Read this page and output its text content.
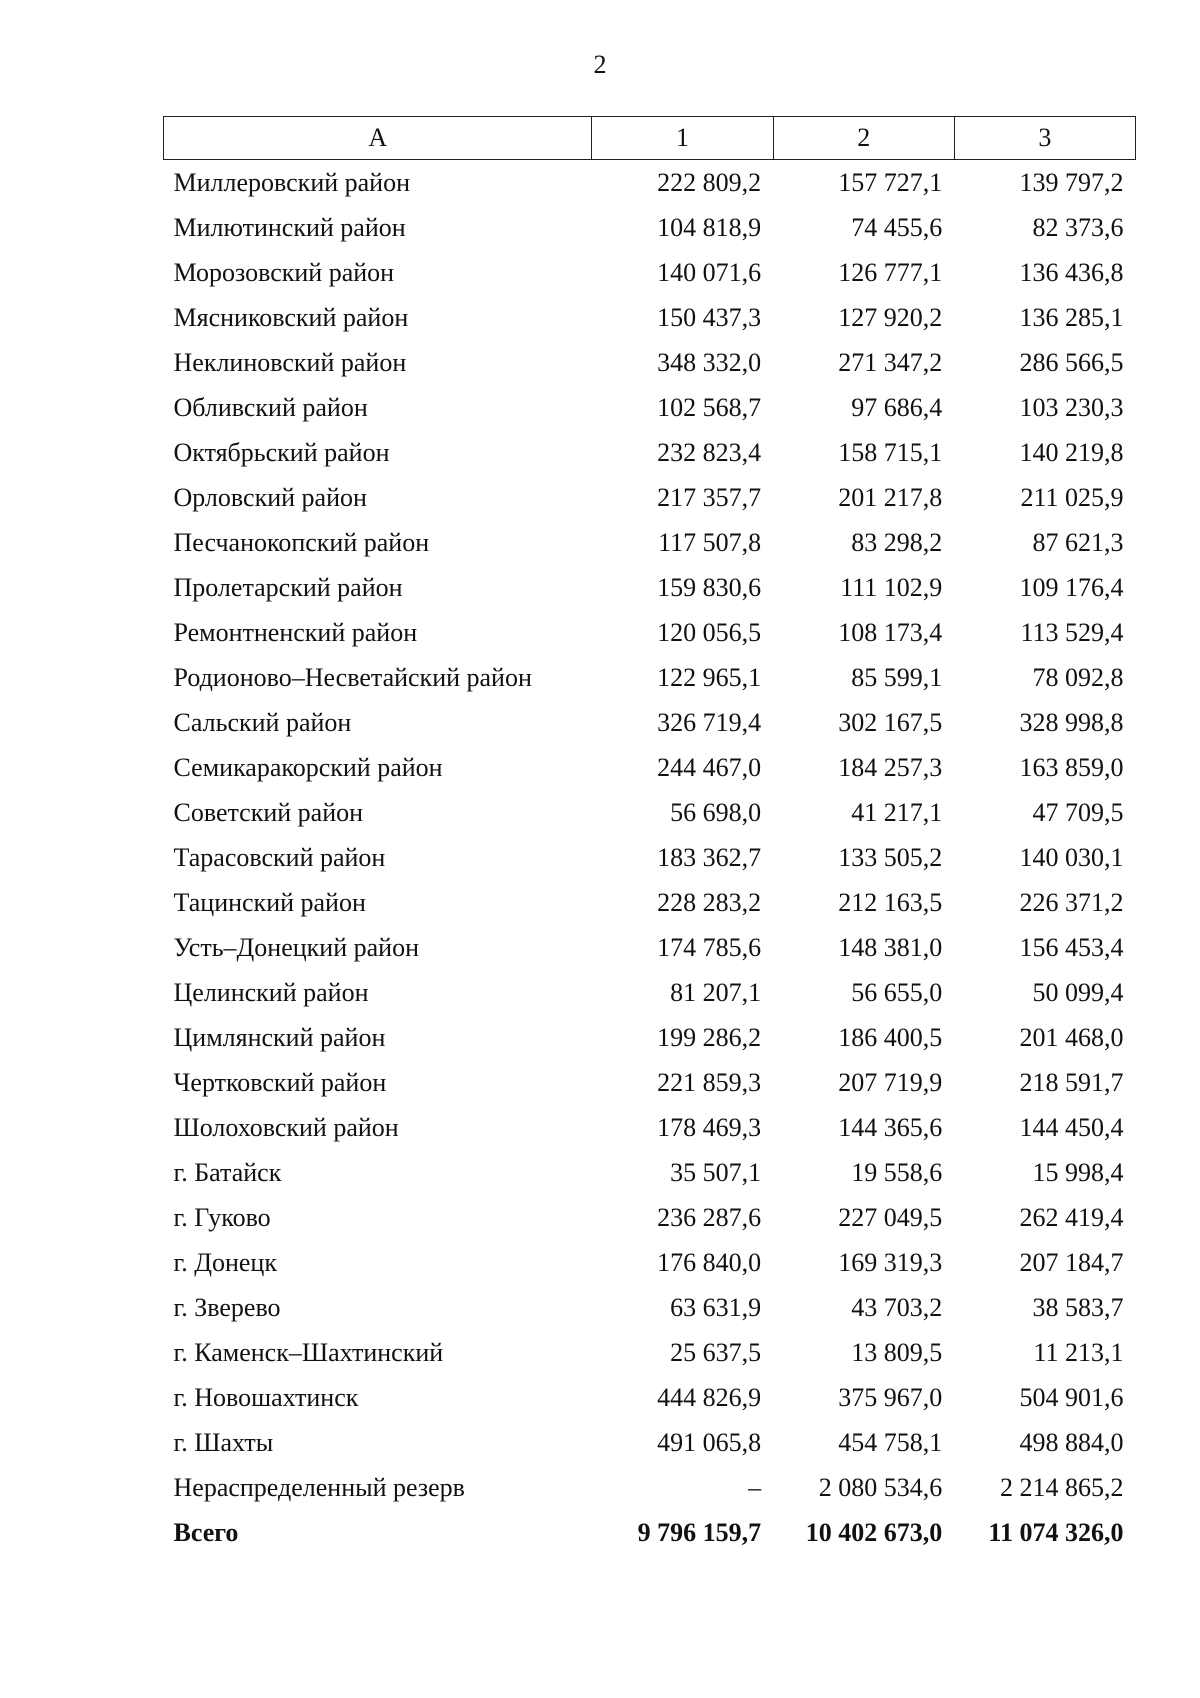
2
А	1	2	3
Миллеровский район	222 809,2	157 727,1	139 797,2
Милютинский район	104 818,9	74 455,6	82 373,6
Морозовский район	140 071,6	126 777,1	136 436,8
Мясниковский район	150 437,3	127 920,2	136 285,1
Неклиновский район	348 332,0	271 347,2	286 566,5
Обливский район	102 568,7	97 686,4	103 230,3
Октябрьский район	232 823,4	158 715,1	140 219,8
Орловский район	217 357,7	201 217,8	211 025,9
Песчанокопский район	117 507,8	83 298,2	87 621,3
Пролетарский район	159 830,6	111 102,9	109 176,4
Ремонтненский район	120 056,5	108 173,4	113 529,4
Родионово–Несветайский район	122 965,1	85 599,1	78 092,8
Сальский район	326 719,4	302 167,5	328 998,8
Семикаракорский район	244 467,0	184 257,3	163 859,0
Советский район	56 698,0	41 217,1	47 709,5
Тарасовский район	183 362,7	133 505,2	140 030,1
Тацинский район	228 283,2	212 163,5	226 371,2
Усть–Донецкий район	174 785,6	148 381,0	156 453,4
Целинский район	81 207,1	56 655,0	50 099,4
Цимлянский район	199 286,2	186 400,5	201 468,0
Чертковский район	221 859,3	207 719,9	218 591,7
Шолоховский район	178 469,3	144 365,6	144 450,4
г. Батайск	35 507,1	19 558,6	15 998,4
г. Гуково	236 287,6	227 049,5	262 419,4
г. Донецк	176 840,0	169 319,3	207 184,7
г. Зверево	63 631,9	43 703,2	38 583,7
г. Каменск–Шахтинский	25 637,5	13 809,5	11 213,1
г. Новошахтинск	444 826,9	375 967,0	504 901,6
г. Шахты	491 065,8	454 758,1	498 884,0
Нераспределенный резерв	–	2 080 534,6	2 214 865,2
Всего	9 796 159,7	10 402 673,0	11 074 326,0
